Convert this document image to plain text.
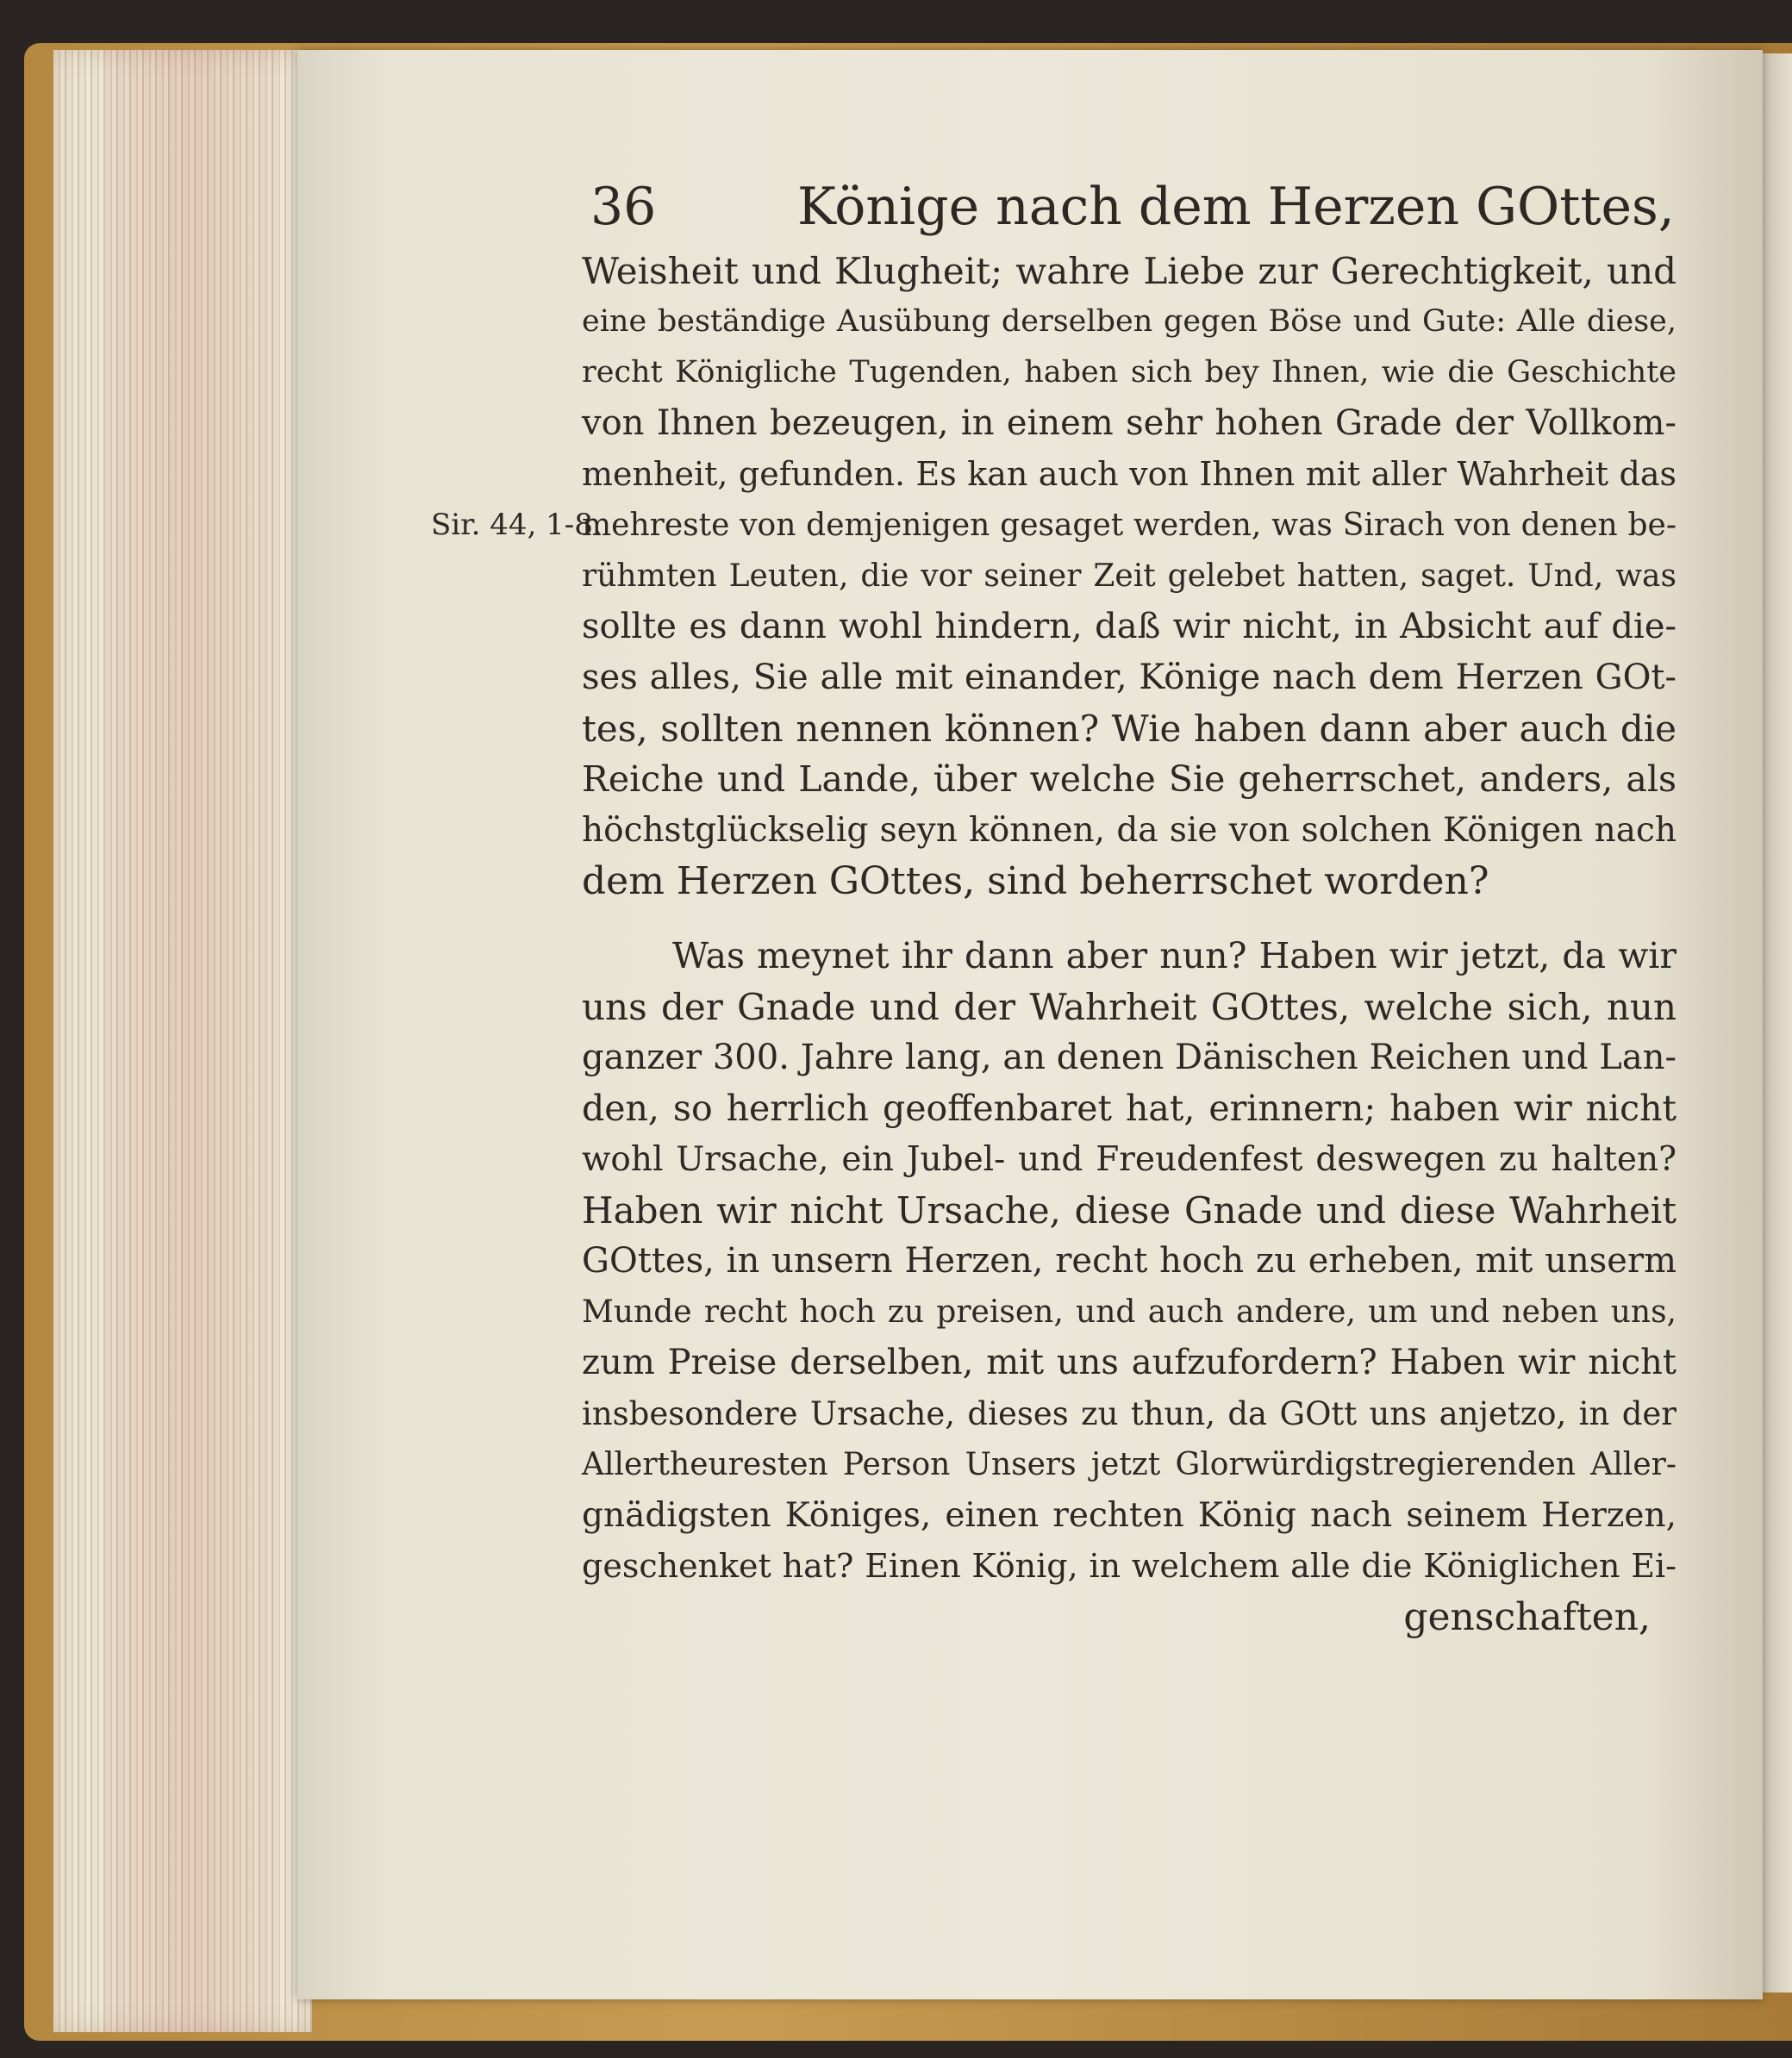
36	Könige nach dem Herzen GOttes,
Weisheit und Klugheit; wahre Liebe zur Gerechtigkeit, und
eine beständige Ausübung derselben gegen Böse und Gute: Alle diese,
recht Königliche Tugenden, haben sich bey Ihnen, wie die Geschichte
von Ihnen bezeugen, in einem sehr hohen Grade der Vollkom-
menheit, gefunden. Es kan auch von Ihnen mit aller Wahrheit das
Sir. 44, 1-8.
mehreste von demjenigen gesaget werden, was Sirach von denen be-
rühmten Leuten, die vor seiner Zeit gelebet hatten, saget. Und, was
sollte es dann wohl hindern, daß wir nicht, in Absicht auf die-
ses alles, Sie alle mit einander, Könige nach dem Herzen GOt-
tes, sollten nennen können? Wie haben dann aber auch die
Reiche und Lande, über welche Sie geherrschet, anders, als
höchstglückselig seyn können, da sie von solchen Königen nach
dem Herzen GOttes, sind beherrschet worden?
Was meynet ihr dann aber nun? Haben wir jetzt, da wir
uns der Gnade und der Wahrheit GOttes, welche sich, nun
ganzer 300. Jahre lang, an denen Dänischen Reichen und Lan-
den, so herrlich geoffenbaret hat, erinnern; haben wir nicht
wohl Ursache, ein Jubel- und Freudenfest deswegen zu halten?
Haben wir nicht Ursache, diese Gnade und diese Wahrheit
GOttes, in unsern Herzen, recht hoch zu erheben, mit unserm
Munde recht hoch zu preisen, und auch andere, um und neben uns,
zum Preise derselben, mit uns aufzufordern? Haben wir nicht
insbesondere Ursache, dieses zu thun, da GOtt uns anjetzo, in der
Allertheuresten Person Unsers jetzt Glorwürdigstregierenden Aller-
gnädigsten Königes, einen rechten König nach seinem Herzen,
geschenket hat? Einen König, in welchem alle die Königlichen Ei-
genschaften,
